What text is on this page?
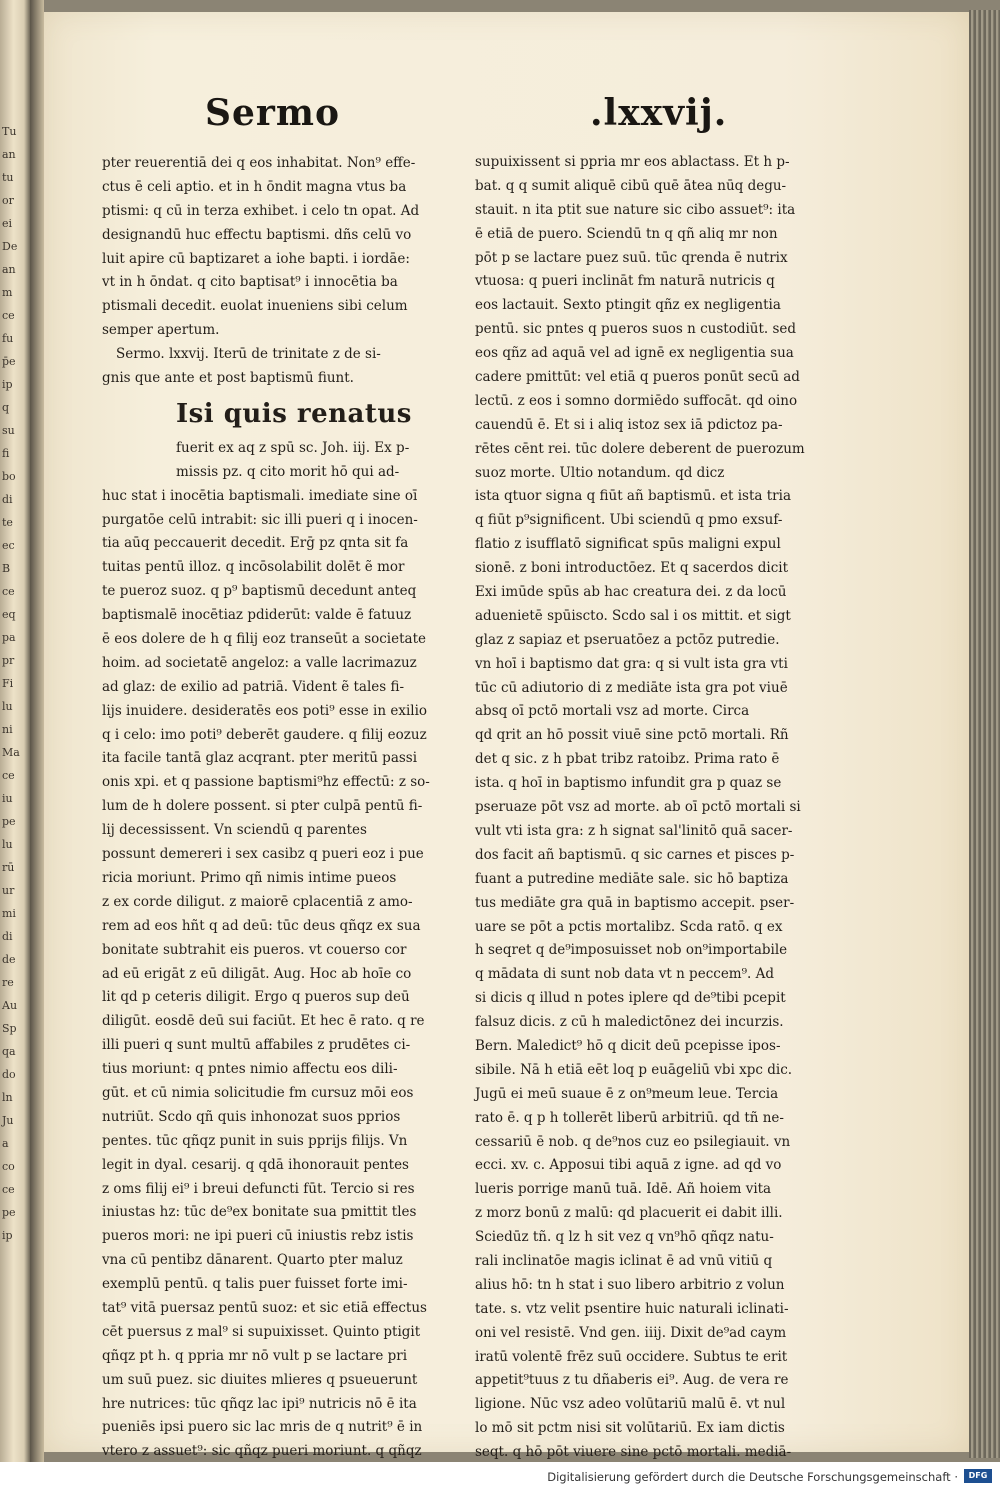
Tu
an
tu
or
ei
De
an
m
ce
fu
p̄e
ip
q
su
fi
bo
di
te
ec
B
ce
eq
pa
pr
Fi
lu
ni
Ma
ce
iu
pe
lu
rū
ur
mi
di
de
re
Au
Sp
qa
do
ln
Ju
a
co
ce
pe
ip
Sermo	.lxxvij.
pter reuerentiā dei q eos inhabitat. Non⁹ effe-
ctus ē celi aptio. et in h ōndit magna vtus ba
ptismi: q cū in terza exhibet. i celo tn opat. Ad
designandū huc effectu baptismi. dñs celū vo
luit apire cū baptizaret a iohe bapti. i iordāe:
vt in h ōndat. q cito baptisat⁹ i innocētia ba
ptismali decedit. euolat inueniens sibi celum
semper apertum.
Sermo. lxxvij. Iterū de trinitate z de si-
gnis que ante et post baptismū fiunt.
Isi quis renatus
fuerit ex aq z spū sc. Joh. iij. Ex p-
missis pz. q cito morit hō qui ad-
huc stat i inocētia baptismali. imediate sine oī
purgatōe celū intrabit: sic illi pueri q i inocen-
tia aūq peccauerit decedit. Erḡ pz qnta sit fa
tuitas pentū illoz. q incōsolabilit dolēt ẽ mor
te pueroz suoz. q p⁹ baptismū decedunt anteq
baptismalē inocētiaz pdiderūt: valde ē fatuuz
ē eos dolere de h q filij eoz transeūt a societate
hoim. ad societatē angeloz: a valle lacrimazuz
ad glaz: de exilio ad patriā. Vident ẽ tales fi-
lijs inuidere. desideratēs eos poti⁹ esse in exilio
q i celo: imo poti⁹ deberēt gaudere. q filij eozuz
ita facile tantā glaz acqrant. pter meritū passi
onis xpi. et q passione baptismi⁹hz effectū: z so-
lum de h dolere possent. si pter culpā pentū fi-
lij decessissent. Vn sciendū q parentes
possunt demereri i sex casibz q pueri eoz i pue
ricia moriunt. Primo qñ nimis intime pueos
z ex corde diligut. z maiorē cplacentiā z amo-
rem ad eos hñt q ad deū: tūc deus qñqz ex sua
bonitate subtrahit eis pueros. vt couerso cor
ad eū erigāt z eū diligāt. Aug. Hoc ab hoīe co
lit qd p ceteris diligit. Ergo q pueros sup deū
diligūt. eosdē deū sui faciūt. Et hec ē rato. q re
illi pueri q sunt multū affabiles z prudētes ci-
tius moriunt: q pntes nimio affectu eos dili-
gūt. et cū nimia solicitudie fm cursuz mōi eos
nutriūt. Scdo qñ quis inhonozat suos pprios
pentes. tūc qñqz punit in suis pprijs filijs. Vn
legit in dyal. cesarij. q qdā ihonorauit pentes
z oms filij ei⁹ i breui defuncti fūt. Tercio si res
iniustas hz: tūc de⁹ex bonitate sua pmittit tles
pueros mori: ne ipi pueri cū iniustis rebz istis
vna cū pentibz dānarent. Quarto pter maluz
exemplū pentū. q talis puer fuisset forte imi-
tat⁹ vitā puersaz pentū suoz: et sic etiā effectus
cēt puersus z mal⁹ si supuixisset. Quinto ptigit
qñqz pt h. q ppria mr nō vult p se lactare pri
um suū puez. sic diuites mlieres q psueuerunt
hre nutrices: tūc qñqz lac ipi⁹ nutricis nō ē ita
pueniēs ipsi puero sic lac mris de q nutrit⁹ ē in
vtero z assuet⁹: sic qñqz pueri moriunt. q qñqz
supuixissent si ppria mr eos ablactass. Et h p-
bat. q q sumit aliquē cibū quē ātea nūq degu-
stauit. n ita ptit sue nature sic cibo assuet⁹: ita
ē etiā de puero. Sciendū tn q qñ aliq mr non
pōt p se lactare puez suū. tūc qrenda ē nutrix
vtuosa: q pueri inclināt fm naturā nutricis q
eos lactauit. Sexto ptingit qñz ex negligentia
pentū. sic pntes q pueros suos n custodiūt. sed
eos qñz ad aquā vel ad ignē ex negligentia sua
cadere pmittūt: vel etiā q pueros ponūt secū ad
lectū. z eos i somno dormiēdo suffocāt. qd oino
cauendū ē. Et si i aliq istoz sex iā pdictoz pa-
rētes cēnt rei. tūc dolere deberent de puerozum
suoz morte. Ultio notandum. qd dicz
ista qtuor signa q fiūt añ baptismū. et ista tria
q fiūt p⁹significent. Ubi sciendū q pmo exsuf-
flatio z isufflatō significat spūs maligni expul
sionē. z boni introductōez. Et q sacerdos dicit
Exi imūde spūs ab hac creatura dei. z da locū
aduenietē spūiscto. Scdo sal i os mittit. et sigt
glaz z sapiaz et pseruatōez a pctōz putredie.
vn hoī i baptismo dat gra: q si vult ista gra vti
tūc cū adiutorio di z mediāte ista gra pot viuē
absq oī pctō mortali vsz ad morte. Circa
qd qrit an hō possit viuē sine pctō mortali. Rñ
det q sic. z h pbat tribz ratoibz. Prima rato ē
ista. q hoī in baptismo infundit gra p quaz se
pseruaze pōt vsz ad morte. ab oī pctō mortali si
vult vti ista gra: z h signat sal'linitō quā sacer-
dos facit añ baptismū. q sic carnes et pisces p-
fuant a putredine mediāte sale. sic hō baptiza
tus mediāte gra quā in baptismo accepit. pser-
uare se pōt a pctis mortalibz. Scda ratō. q ex
h seqret q de⁹imposuisset nob on⁹importabile
q mādata di sunt nob data vt n peccem⁹. Ad
si dicis q illud n potes iplere qd de⁹tibi pcepit
falsuz dicis. z cū h maledictōnez dei incurzis.
Bern. Maledict⁹ hō q dicit deū pcepisse ipos-
sibile. Nā h etiā eēt loq p euāgeliū vbi xpc dic.
Jugū ei meū suaue ē z on⁹meum leue. Tercia
rato ē. q p h tollerēt liberū arbitriū. qd tñ ne-
cessariū ē nob. q de⁹nos cuz eo psilegiauit. vn
ecci. xv. c. Apposui tibi aquā z igne. ad qd vo
lueris porrige manū tuā. Idē. Añ hoiem vita
z morz bonū z malū: qd placuerit ei dabit illi.
Sciedūz tñ. q lz h sit vez q vn⁹hō qñqz natu-
rali inclinatōe magis iclinat ē ad vnū vitiū q
alius hō: tn h stat i suo libero arbitrio z volun
tate. s. vtz velit psentire huic naturali iclinati-
oni vel resistē. Vnd gen. iiij. Dixit de⁹ad caym
iratū volentē frēz suū occidere. Subtus te erit
appetit⁹tuus z tu dñaberis ei⁹. Aug. de vera re
ligione. Nūc vsz adeo volūtariū malū ē. vt nul
lo mō sit pctm nisi sit volūtariū. Ex iam dictis
seqt. q hō pōt viuere sine pctō mortali. mediā-
Digitalisierung gefördert durch die Deutsche Forschungsgemeinschaft ·	DFG
